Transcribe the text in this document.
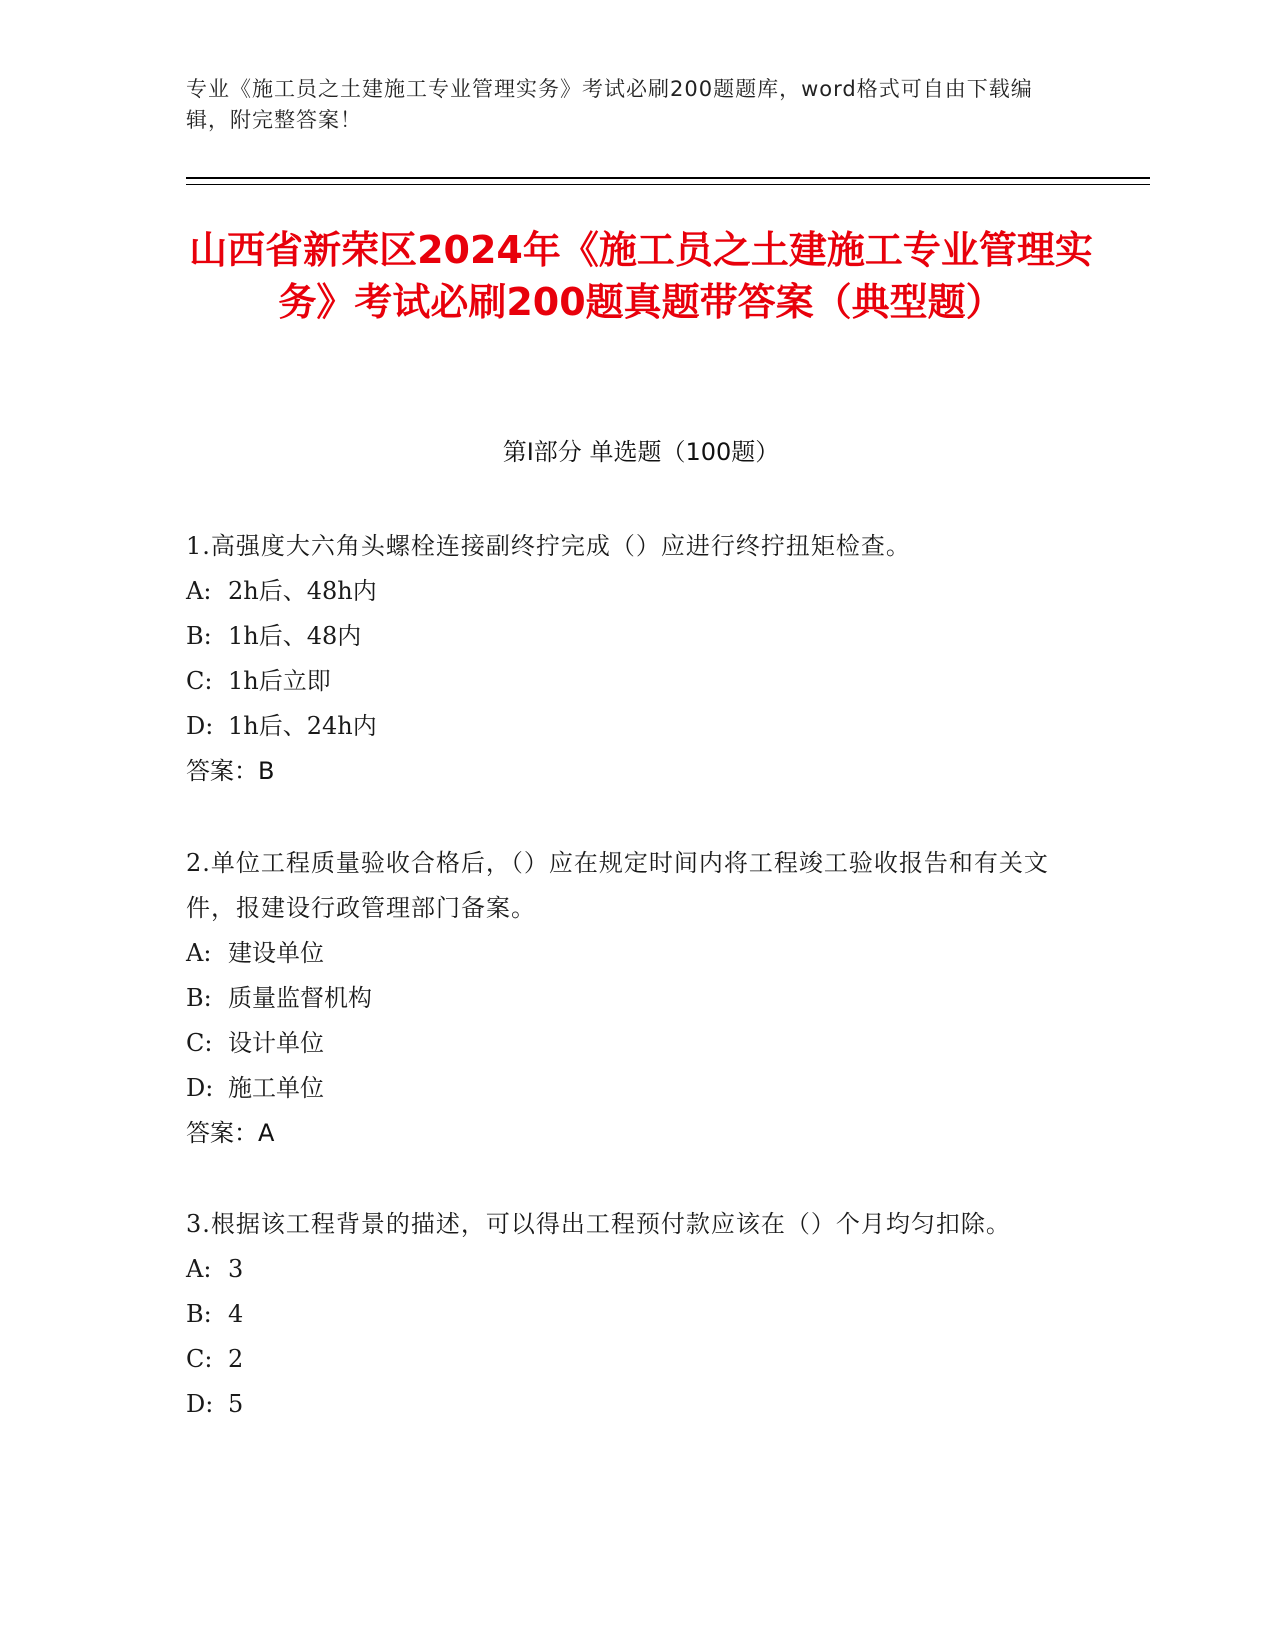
专业《施工员之土建施工专业管理实务》考试必刷200题题库，word格式可自由下载编辑，附完整答案！
山西省新荣区2024年《施工员之土建施工专业管理实务》考试必刷200题真题带答案（典型题）
第I部分 单选题（100题）
1.高强度大六角头螺栓连接副终拧完成（）应进行终拧扭矩检查。
A: 2h后、48h内
B: 1h后、48内
C: 1h后立即
D: 1h后、24h内
答案：B
2.单位工程质量验收合格后，（）应在规定时间内将工程竣工验收报告和有关文件，报建设行政管理部门备案。
A: 建设单位
B: 质量监督机构
C: 设计单位
D: 施工单位
答案：A
3.根据该工程背景的描述，可以得出工程预付款应该在（）个月均匀扣除。
A: 3
B: 4
C: 2
D: 5
